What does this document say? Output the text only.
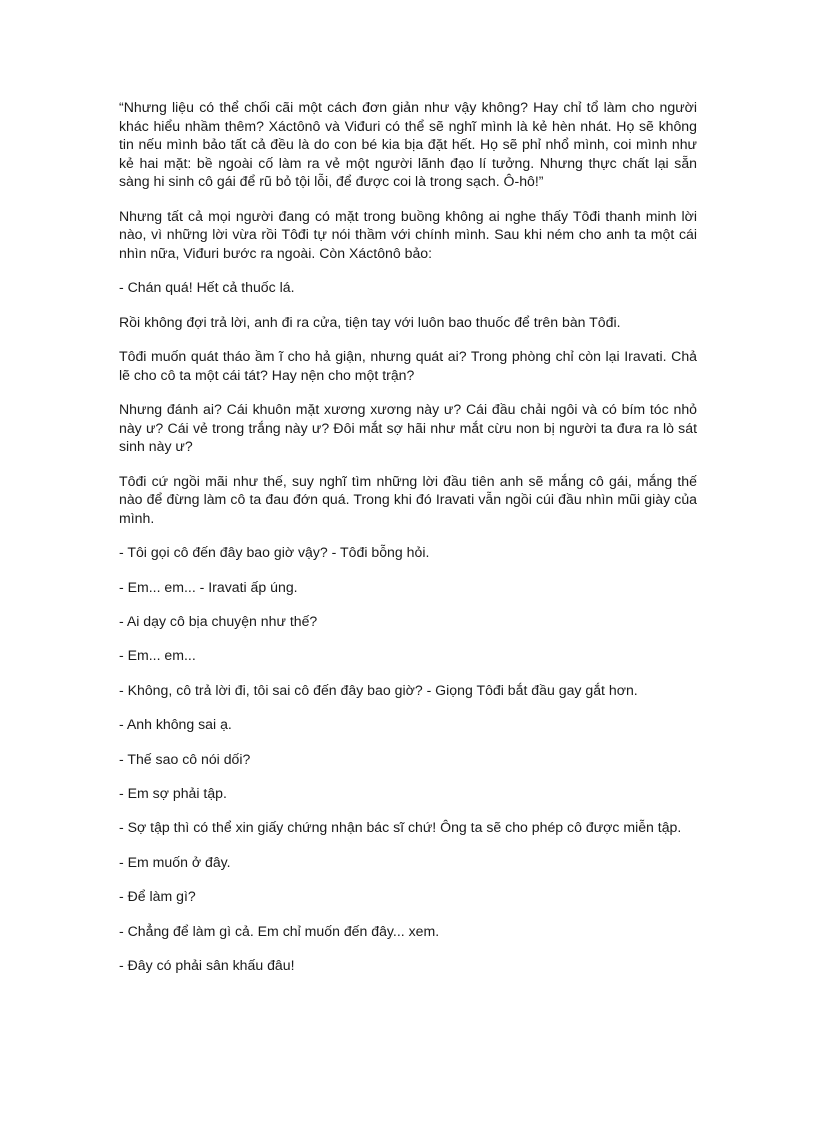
“Nhưng liệu có thể chối cãi một cách đơn giản như vậy không? Hay chỉ tổ làm cho người khác hiểu nhầm thêm? Xáctônô và Viđuri có thể sẽ nghĩ mình là kẻ hèn nhát. Họ sẽ không tin nếu mình bảo tất cả đều là do con bé kia bịa đặt hết. Họ sẽ phỉ nhổ mình, coi mình như kẻ hai mặt: bề ngoài cố làm ra vẻ một người lãnh đạo lí tưởng. Nhưng thực chất lại sẵn sàng hi sinh cô gái để rũ bỏ tội lỗi, để được coi là trong sạch. Ô-hô!”

Nhưng tất cả mọi người đang có mặt trong buồng không ai nghe thấy Tôđi thanh minh lời nào, vì những lời vừa rồi Tôđi tự nói thầm với chính mình. Sau khi ném cho anh ta một cái nhìn nữa, Viđuri bước ra ngoài. Còn Xáctônô bảo:

- Chán quá! Hết cả thuốc lá.

Rồi không đợi trả lời, anh đi ra cửa, tiện tay với luôn bao thuốc để trên bàn Tôđi.

Tôđi muốn quát tháo ầm ĩ cho hả giận, nhưng quát ai? Trong phòng chỉ còn lại Iravati. Chả lẽ cho cô ta một cái tát? Hay nện cho một trận?

Nhưng đánh ai? Cái khuôn mặt xương xương này ư? Cái đầu chải ngôi và có bím tóc nhỏ này ư? Cái vẻ trong trắng này ư? Đôi mắt sợ hãi như mắt cừu non bị người ta đưa ra lò sát sinh này ư?

Tôđi cứ ngồi mãi như thế, suy nghĩ tìm những lời đầu tiên anh sẽ mắng cô gái, mắng thế nào để đừng làm cô ta đau đớn quá. Trong khi đó Iravati vẫn ngồi cúi đầu nhìn mũi giày của mình.

- Tôi gọi cô đến đây bao giờ vậy? - Tôđi bỗng hỏi.

- Em... em... - Iravati ấp úng.

- Ai dạy cô bịa chuyện như thế?

- Em... em...

- Không, cô trả lời đi, tôi sai cô đến đây bao giờ? - Giọng Tôđi bắt đầu gay gắt hơn.

- Anh không sai ạ.

- Thế sao cô nói dối?

- Em sợ phải tập.

- Sợ tập thì có thể xin giấy chứng nhận bác sĩ chứ! Ông ta sẽ cho phép cô được miễn tập.

- Em muốn ở đây.

- Để làm gì?

- Chẳng để làm gì cả. Em chỉ muốn đến đây... xem.

- Đây có phải sân khấu đâu!
